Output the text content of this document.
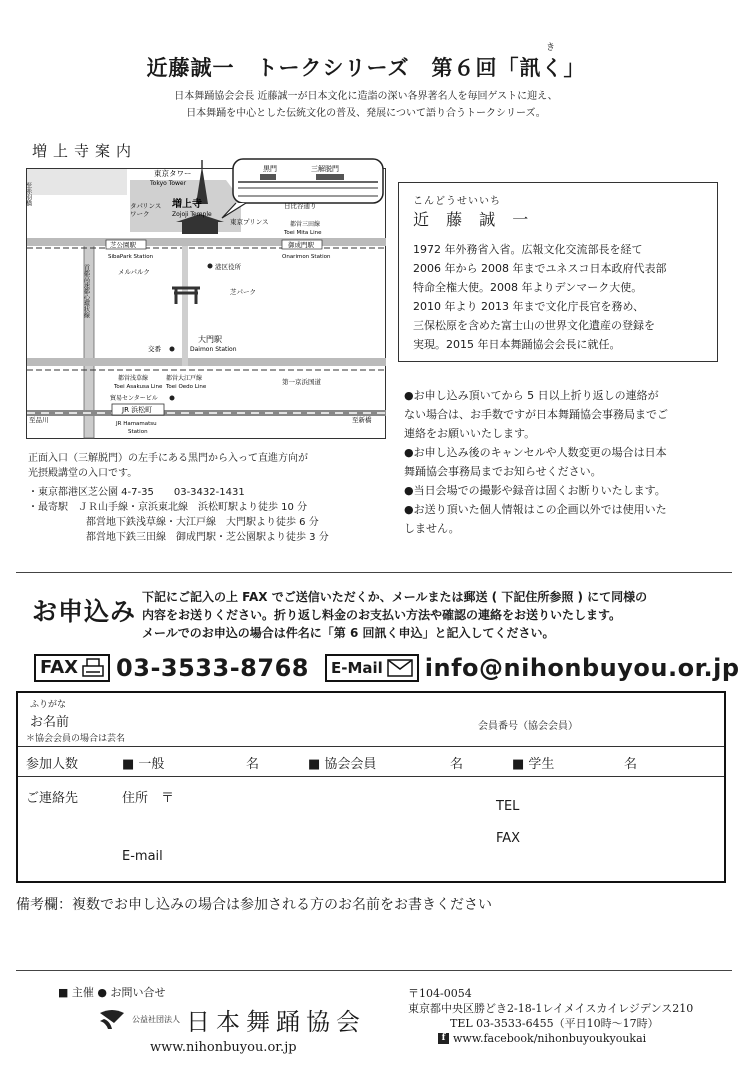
近藤誠一　トークシリーズ　第６回「訊く」
き
日本舞踊協会会長 近藤誠一が日本文化に造詣の深い各界著名人を毎回ゲストに迎え、
日本舞踊を中心とした伝統文化の普及、発展について語り合うトークシリーズ。
増上寺案内
黒門	三解脱門
日比谷通り
東京タワー
Tokyo Tower
増上寺
Zojoji Temple
タパ
ワーク
リンス
東京プリンス	都営三田線
Toei Mita Line
芝公園駅
SibaPark Station
御成門駅
Onarimon Station
メルパルク
港区役所
芝パーク
至赤羽橋
首都高速都心環状線
交番
大門駅
Daimon Station
都営浅草線
Toei Asakusa Line
都営大江戸線
Toei Oedo Line
第一京浜国道
貿易センタービル
JR 浜松町
JR Hamamatsu
Station
至品川	至新橋
正面入口（三解脱門）の左手にある黒門から入って直進方向が
光摂殿講堂の入口です。
・東京都港区芝公園 4-7-35　　03-3432-1431
・最寄駅　ＪＲ山手線・京浜東北線　浜松町駅より徒歩 10 分
都営地下鉄浅草線・大江戸線　大門駅より徒歩 6 分
都営地下鉄三田線　御成門駅・芝公園駅より徒歩 3 分
こんどうせいいち
近 藤 誠 一

1972 年外務省入省。広報文化交流部長を経て

2006 年から 2008 年までユネスコ日本政府代表部

特命全権大使。2008 年よりデンマーク大使。

2010 年より 2013 年まで文化庁長官を務め、

三保松原を含めた富士山の世界文化遺産の登録を

実現。2015 年日本舞踊協会会長に就任。

●お申し込み頂いてから 5 日以上折り返しの連絡が
ない場合は、お手数ですが日本舞踊協会事務局までご
連絡をお願いいたします。
●お申し込み後のキャンセルや人数変更の場合は日本
舞踊協会事務局までお知らせください。
●当日会場での撮影や録音は固くお断りいたします。
●お送り頂いた個人情報はこの企画以外では使用いた
しません。
お申込み 下記にご記入の上 FAX でご送信いただくか、メールまたは郵送 ( 下記住所参照 ) にて同様の
内容をお送りください。折り返し料金のお支払い方法や確認の連絡をお送りいたします。
メールでのお申込の場合は件名に「第 6 回訊く申込」と記入してください。
FAX 03-3533-8768 E-Mail info@nihonbuyou.or.jp
ふりがな
お名前
＊協会会員の場合は芸名
会員番号（協会会員）
参加人数	■ 一般	名	■ 協会会員	名	■ 学生	名
ご連絡先	住所　〒
TEL
FAX
E-mail
備考欄：複数でお申し込みの場合は参加される方のお名前をお書きください
■ 主催 ● お問い合せ
公益社団法人 日本舞踊協会
www.nihonbuyou.or.jp
〒104-0054
東京都中央区勝どき2-18-1レイメイスカイレジデンス210
TEL 03-3533-6455（平日10時〜17時）
f www.facebook/nihonbuyoukyoukai
